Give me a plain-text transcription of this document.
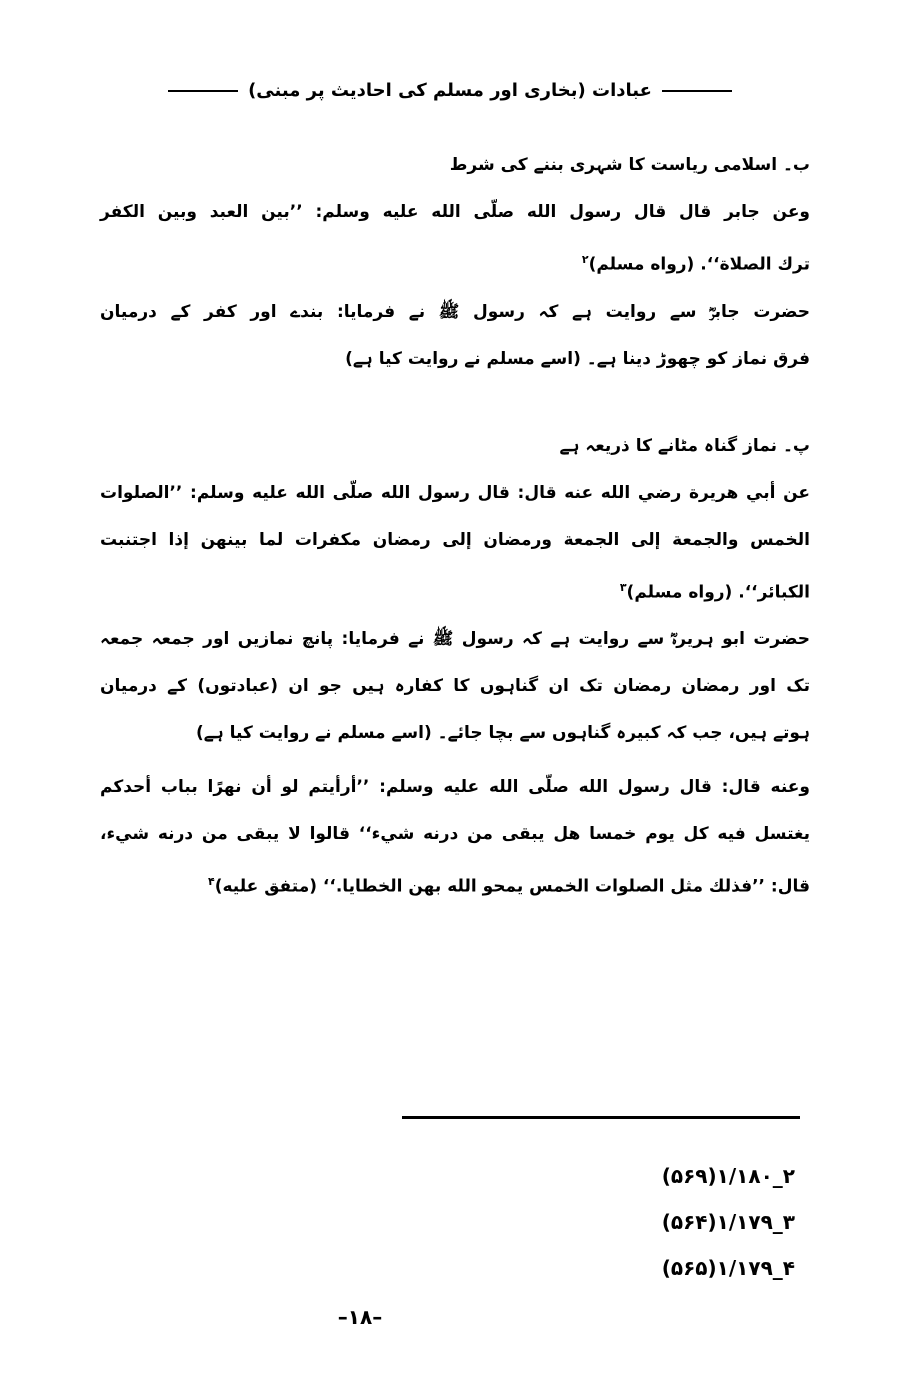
عبادات (بخاری اور مسلم کی احادیث پر مبنی)
ب۔ اسلامی ریاست کا شہری بننے کی شرط
وعن جابر قال قال رسول الله صلّى الله عليه وسلم: ’’بين العبد وبين الكفر
ترك الصلاة‘‘. (رواه مسلم)$^۲$
حضرت جابرؓ سے روایت ہے کہ رسول ﷺ نے فرمایا: بندے اور کفر کے درمیان
فرق نماز کو چھوڑ دینا ہے۔ (اسے مسلم نے روایت کیا ہے)
پ۔ نماز گناہ مٹانے کا ذریعہ ہے
عن أبي هريرة رضي الله عنه قال: قال رسول الله صلّى الله عليه وسلم: ’’الصلوات
الخمس والجمعة إلى الجمعة ورمضان إلى رمضان مكفرات لما بينهن إذا اجتنبت
الكبائر‘‘. (رواه مسلم)$^۳$
حضرت ابو ہریرہؓ سے روایت ہے کہ رسول ﷺ نے فرمایا: پانچ نمازیں اور جمعہ جمعہ
تک اور رمضان رمضان تک ان گناہوں کا کفارہ ہیں جو ان (عبادتوں) کے درمیان
ہوتے ہیں، جب کہ کبیرہ گناہوں سے بچا جائے۔ (اسے مسلم نے روایت کیا ہے)
وعنه قال: قال رسول الله صلّى الله عليه وسلم: ’’أرأيتم لو أن نهرًا بباب أحدكم
يغتسل فيه كل يوم خمسا هل يبقى من درنه شيء‘‘ قالوا لا يبقى من درنه شيء،
قال: ’’فذلك مثل الصلوات الخمس يمحو الله بهن الخطايا.‘‘ (متفق عليه)$^۴$
۲_۱/۱۸۰(۵۶۹)
۳_۱/۱۷۹(۵۶۴)
۴_۱/۱۷۹(۵۶۵)
–۱۸–
